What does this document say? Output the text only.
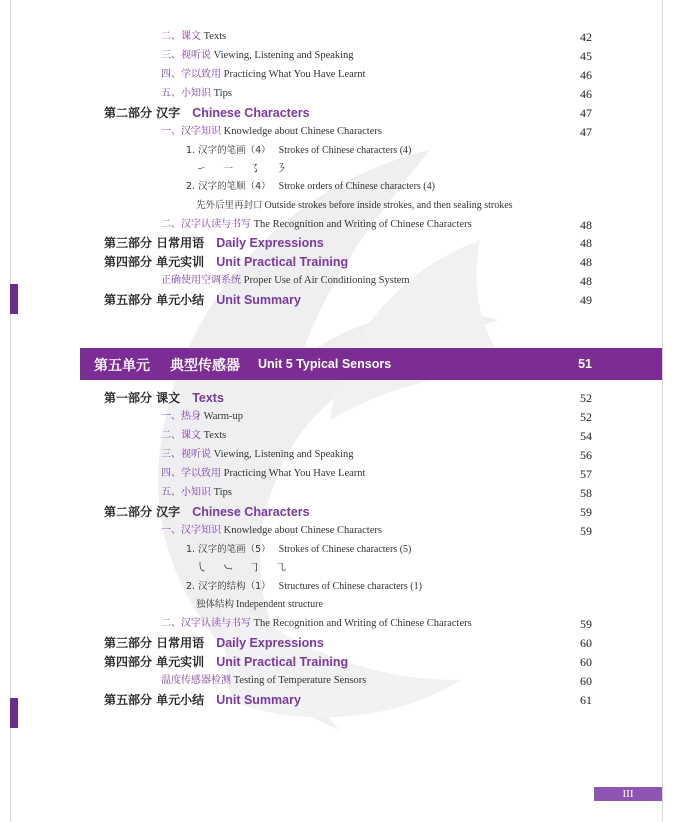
二、课文 Texts	42
三、视听说 Viewing, Listening and Speaking	45
四、学以致用 Practicing What You Have Learnt	46
五、小知识 Tips	46
第二部分 汉字 Chinese Characters	47
一、汉字知识 Knowledge about Chinese Characters	47
1. 汉字的笔画（4） Strokes of Chinese characters (4)
㇀ ㇐ ㇌ ㇋
2. 汉字的笔顺（4） Stroke orders of Chinese characters (4)
先外后里再封口 Outside strokes before inside strokes, and then sealing strokes
二、汉字认读与书写 The Recognition and Writing of Chinese Characters	48
第三部分 日常用语 Daily Expressions	48
第四部分 单元实训 Unit Practical Training	48
正确使用空调系统 Proper Use of Air Conditioning System	48
第五部分 单元小结 Unit Summary	49
第五单元 典型传感器 Unit 5 Typical Sensors	51
第一部分 课文 Texts	52
一、热身 Warm-up	52
二、课文 Texts	54
三、视听说 Viewing, Listening and Speaking	56
四、学以致用 Practicing What You Have Learnt	57
五、小知识 Tips	58
第二部分 汉字 Chinese Characters	59
一、汉字知识 Knowledge about Chinese Characters	59
1. 汉字的笔画（5） Strokes of Chinese characters (5)
㇂ ㇃ ㇆ ㇈
2. 汉字的结构（1） Structures of Chinese characters (1)
独体结构 Independent structure
二、汉字认读与书写 The Recognition and Writing of Chinese Characters	59
第三部分 日常用语 Daily Expressions	60
第四部分 单元实训 Unit Practical Training	60
温度传感器检测 Testing of Temperature Sensors	60
第五部分 单元小结 Unit Summary	61
III
